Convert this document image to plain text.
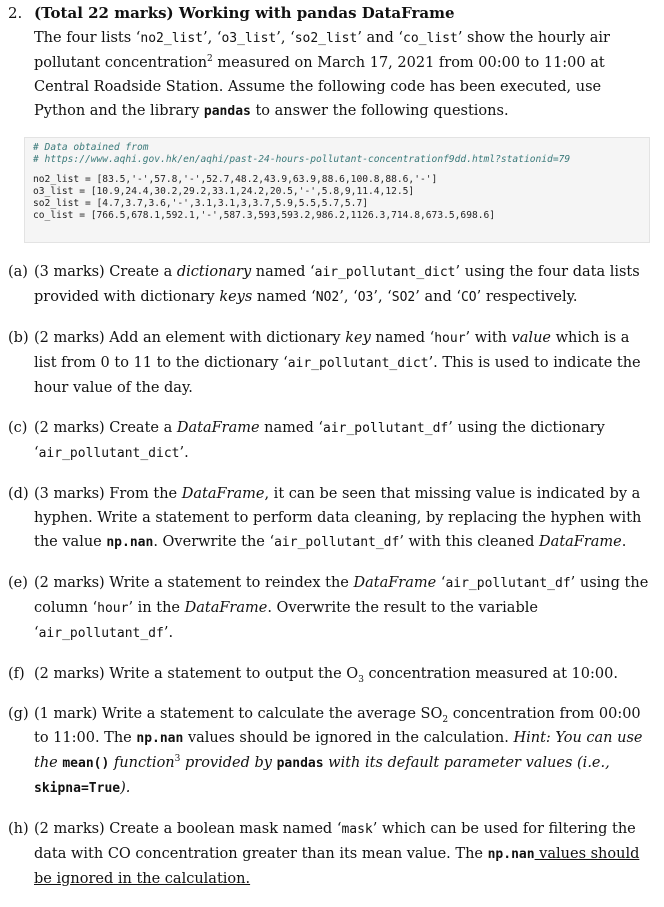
2. (Total 22 marks) Working with pandas DataFrame
The four lists ‘no2_list’, ‘o3_list’, ‘so2_list’ and ‘co_list’ show the hourly air pollutant concentration$^2$ measured on March 17, 2021 from 00:00 to 11:00 at Central Roadside Station. Assume the following code has been executed, use Python and the library pandas to answer the following questions.
# Data obtained from
# https://www.aqhi.gov.hk/en/aqhi/past-24-hours-pollutant-concentrationf9dd.html?stationid=79
no2_list = [83.5,'-',57.8,'-',52.7,48.2,43.9,63.9,88.6,100.8,88.6,'-']
o3_list = [10.9,24.4,30.2,29.2,33.1,24.2,20.5,'-',5.8,9,11.4,12.5]
so2_list = [4.7,3.7,3.6,'-',3.1,3.1,3,3.7,5.9,5.5,5.7,5.7]
co_list = [766.5,678.1,592.1,'-',587.3,593,593.2,986.2,1126.3,714.8,673.5,698.6]
(a) (3 marks) Create a dictionary named ‘air_pollutant_dict’ using the four data lists provided with dictionary keys named ‘NO2’, ‘O3’, ‘SO2’ and ‘CO’ respectively.
(b) (2 marks) Add an element with dictionary key named ‘hour’ with value which is a list from 0 to 11 to the dictionary ‘air_pollutant_dict’. This is used to indicate the hour value of the day.
(c) (2 marks) Create a DataFrame named ‘air_pollutant_df’ using the dictionary ‘air_pollutant_dict’.
(d) (3 marks) From the DataFrame, it can be seen that missing value is indicated by a hyphen. Write a statement to perform data cleaning, by replacing the hyphen with the value np.nan. Overwrite the ‘air_pollutant_df’ with this cleaned DataFrame.
(e) (2 marks) Write a statement to reindex the DataFrame ‘air_pollutant_df’ using the column ‘hour’ in the DataFrame. Overwrite the result to the variable ‘air_pollutant_df’.
(f) (2 marks) Write a statement to output the $O_3$ concentration measured at 10:00.
(g) (1 mark) Write a statement to calculate the average $SO_2$ concentration from 00:00 to 11:00. The np.nan values should be ignored in the calculation. Hint: You can use the mean() function$^3$ provided by pandas with its default parameter values (i.e., skipna=True).
(h) (2 marks) Create a boolean mask named ‘mask’ which can be used for filtering the data with CO concentration greater than its mean value. The np.nan values should be ignored in the calculation.
